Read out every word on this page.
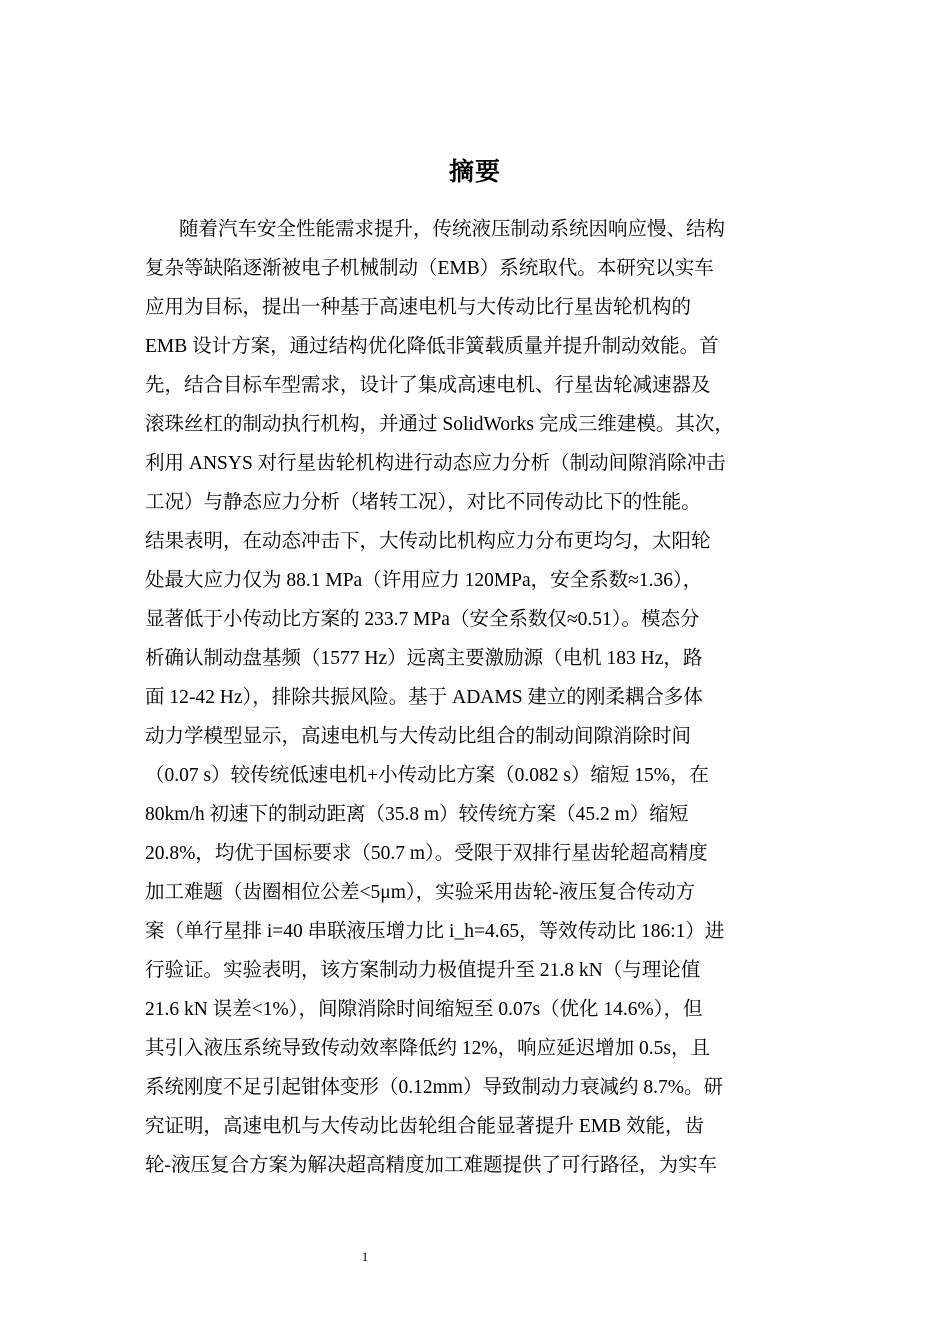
摘要
随着汽车安全性能需求提升，传统液压制动系统因响应慢、结构
复杂等缺陷逐渐被电子机械制动（EMB）系统取代。本研究以实车
应用为目标，提出一种基于高速电机与大传动比行星齿轮机构的
EMB 设计方案，通过结构优化降低非簧载质量并提升制动效能。首
先，结合目标车型需求，设计了集成高速电机、行星齿轮减速器及
滚珠丝杠的制动执行机构，并通过 SolidWorks 完成三维建模。其次，
利用 ANSYS 对行星齿轮机构进行动态应力分析（制动间隙消除冲击
工况）与静态应力分析（堵转工况），对比不同传动比下的性能。
结果表明，在动态冲击下，大传动比机构应力分布更均匀，太阳轮
处最大应力仅为 88.1 MPa（许用应力 120MPa，安全系数≈1.36），
显著低于小传动比方案的 233.7 MPa（安全系数仅≈0.51）。模态分
析确认制动盘基频（1577 Hz）远离主要激励源（电机 183 Hz，路
面 12-42 Hz），排除共振风险。基于 ADAMS 建立的刚柔耦合多体
动力学模型显示，高速电机与大传动比组合的制动间隙消除时间
（0.07 s）较传统低速电机+小传动比方案（0.082 s）缩短 15%，在
80km/h 初速下的制动距离（35.8 m）较传统方案（45.2 m）缩短
20.8%，均优于国标要求（50.7 m）。受限于双排行星齿轮超高精度
加工难题（齿圈相位公差<5μm），实验采用齿轮-液压复合传动方
案（单行星排 i=40 串联液压增力比 i_h=4.65，等效传动比 186:1）进
行验证。实验表明，该方案制动力极值提升至 21.8 kN（与理论值
21.6 kN 误差<1%），间隙消除时间缩短至 0.07s（优化 14.6%），但
其引入液压系统导致传动效率降低约 12%，响应延迟增加 0.5s，且
系统刚度不足引起钳体变形（0.12mm）导致制动力衰减约 8.7%。研
究证明，高速电机与大传动比齿轮组合能显著提升 EMB 效能，齿
轮-液压复合方案为解决超高精度加工难题提供了可行路径，为实车
1
